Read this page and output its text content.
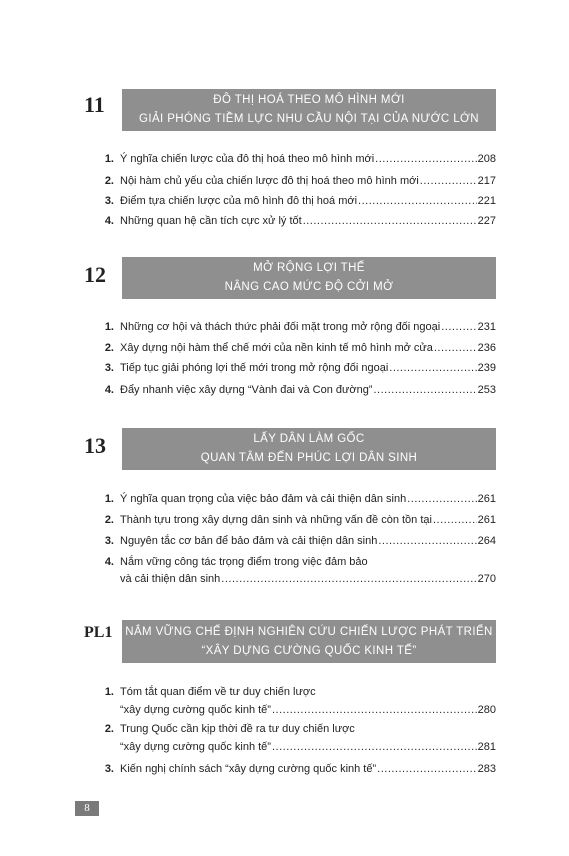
11	ĐÔ THỊ HOÁ THEO MÔ HÌNH MỚI
GIẢI PHÓNG TIỀM LỰC NHU CẦU NỘI TẠI CỦA NƯỚC LỚN
1. Ý nghĩa chiến lược của đô thị hoá theo mô hình mới .....	208
2. Nội hàm chủ yếu của chiến lược đô thị hoá theo mô hình mới .....	217
3. Điểm tựa chiến lược của mô hình đô thị hoá mới .....	221
4. Những quan hệ cần tích cực xử lý tốt .....	227
12	MỞ RỘNG LỢI THẾ
NÂNG CAO MỨC ĐỘ CỞI MỞ
1. Những cơ hội và thách thức phải đối mặt trong mở rộng đối ngoại .....	231
2. Xây dựng nội hàm thể chế mới của nền kinh tế mô hình mở cửa .....	236
3. Tiếp tục giải phóng lợi thế mới trong mở rộng đối ngoại .....	239
4. Đẩy nhanh việc xây dựng “Vành đai và Con đường” .....	253
13	LẤY DÂN LÀM GỐC
QUAN TÂM ĐẾN PHÚC LỢI DÂN SINH
1. Ý nghĩa quan trọng của việc bảo đảm và cải thiện dân sinh .....	261
2. Thành tựu trong xây dựng dân sinh và những vấn đề còn tồn tại .....	261
3. Nguyên tắc cơ bản để bảo đảm và cải thiện dân sinh .....	264
4. Nắm vững công tác trọng điểm trong việc đảm bảo
và cải thiện dân sinh .....	270
PL1 NẮM VỮNG CHẾ ĐỊNH NGHIÊN CỨU CHIẾN LƯỢC PHÁT TRIỂN
“XÂY DỰNG CƯỜNG QUỐC KINH TẾ”
1. Tóm tắt quan điểm về tư duy chiến lược
“xây dựng cường quốc kinh tế” .....	280
2. Trung Quốc cần kịp thời đề ra tư duy chiến lược
“xây dựng cường quốc kinh tế” .....	281
3. Kiến nghị chính sách “xây dựng cường quốc kinh tế” .....	283
8
